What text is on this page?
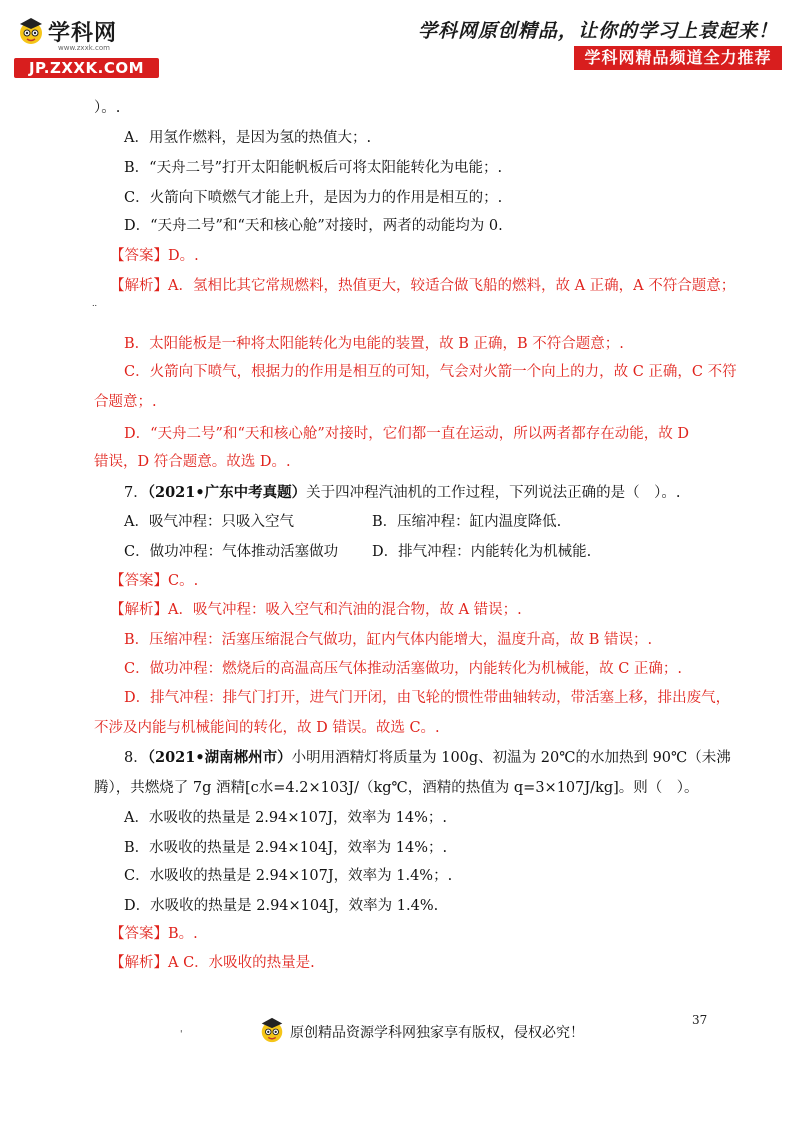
学科网
www.zxxk.com
JP.ZXXK.COM
学科网原创精品，让你的学习上袁起来！
学科网精品频道全力推荐
）。.
A．用氢作燃料，是因为氢的热值大；.
B．“天舟二号”打开太阳能帆板后可将太阳能转化为电能；.
C．火箭向下喷燃气才能上升，是因为力的作用是相互的；.
D．“天舟二号”和“天和核心舱”对接时，两者的动能均为 0.
【答案】D。.
【解析】A．氢相比其它常规燃料，热值更大，较适合做飞船的燃料，故 A 正确，A 不符合题意；
..
B．太阳能板是一种将太阳能转化为电能的装置，故 B 正确，B 不符合题意；.
C．火箭向下喷气，根据力的作用是相互的可知，气会对火箭一个向上的力，故 C 正确，C 不符
合题意；.
D．“天舟二号”和“天和核心舱”对接时，它们都一直在运动，所以两者都存在动能，故 D
错误，D 符合题意。故选 D。.
7．（2021•广东中考真题）关于四冲程汽油机的工作过程，下列说法正确的是（　）。.
A．吸气冲程：只吸入空气	B．压缩冲程：缸内温度降低.
C．做功冲程：气体推动活塞做功 D．排气冲程：内能转化为机械能.
【答案】C。.
【解析】A．吸气冲程：吸入空气和汽油的混合物，故 A 错误；.
B．压缩冲程：活塞压缩混合气做功，缸内气体内能增大，温度升高，故 B 错误；.
C．做功冲程：燃烧后的高温高压气体推动活塞做功，内能转化为机械能，故 C 正确；.
D．排气冲程：排气门打开，进气门开闭，由飞轮的惯性带曲轴转动，带活塞上移，排出废气，
不涉及内能与机械能间的转化，故 D 错误。故选 C。.
8．（2021•湖南郴州市）小明用酒精灯将质量为 100g、初温为 20℃的水加热到 90℃（未沸
腾），共燃烧了 7g 酒精[c水=4.2×103J/（kg℃，酒精的热值为 q=3×107J/kg]。则（　）。
A．水吸收的热量是 2.94×107J，效率为 14%；.
B．水吸收的热量是 2.94×104J，效率为 14%；.
C．水吸收的热量是 2.94×107J，效率为 1.4%；.
D．水吸收的热量是 2.94×104J，效率为 1.4%.
【答案】B。.
【解析】A C．水吸收的热量是.
37
'	原创精品资源学科网独家享有版权，侵权必究！
